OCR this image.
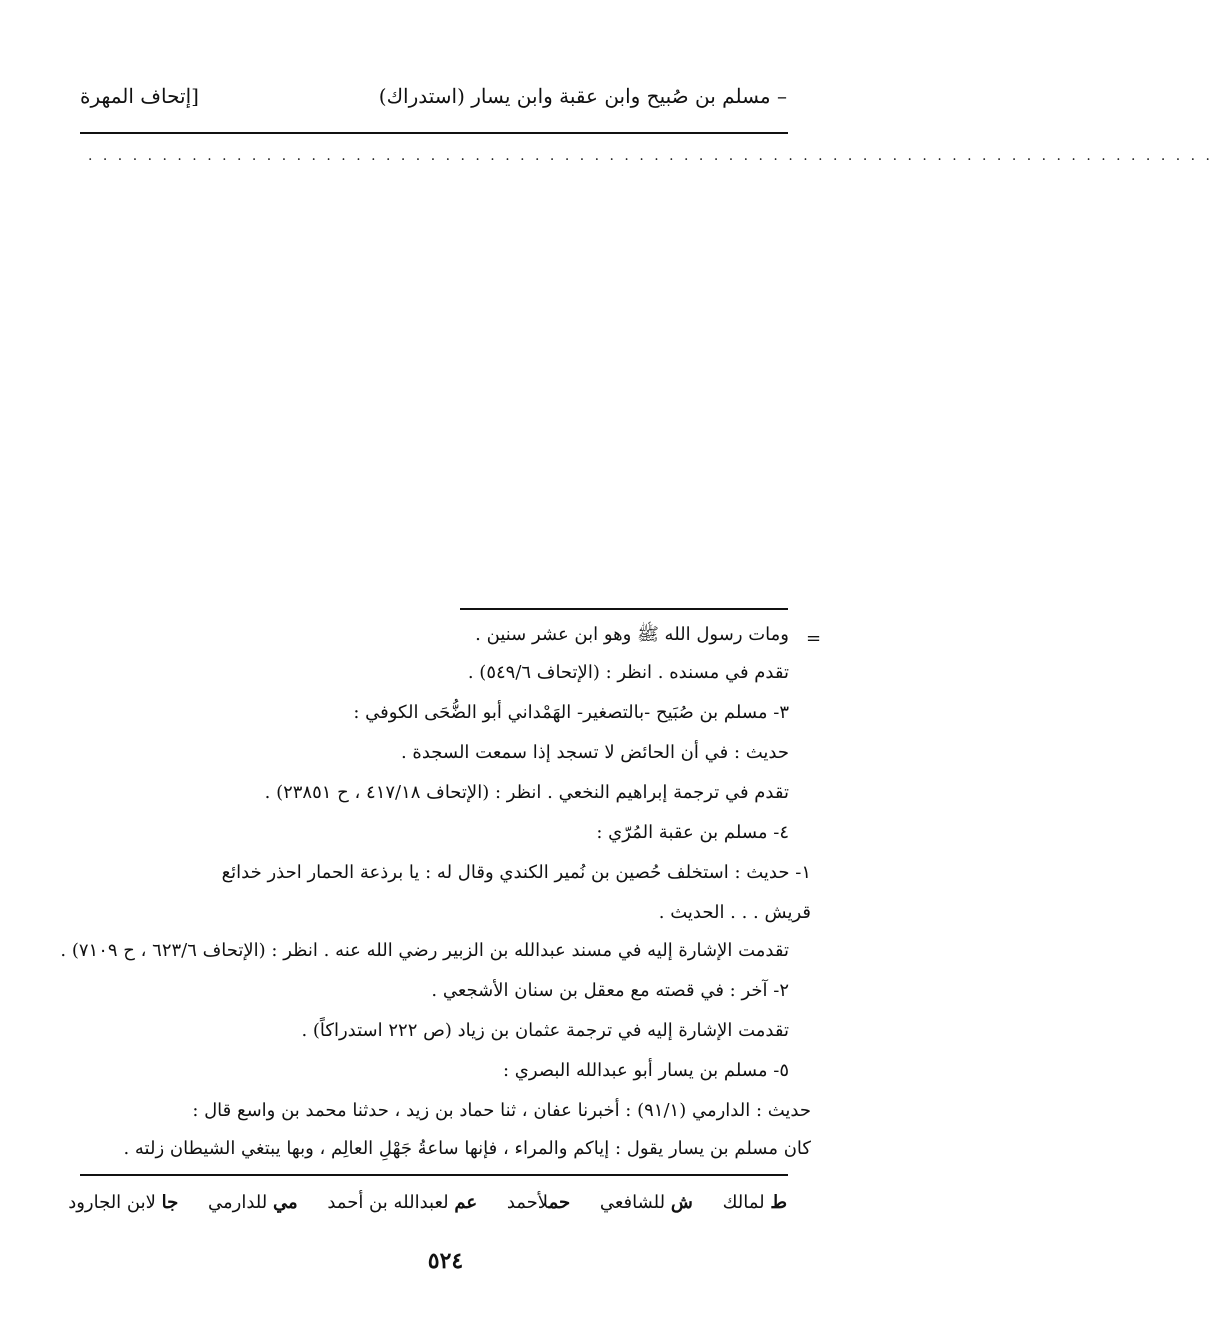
– مسلم بن صُبيح وابن عقبة وابن يسار (استدراك)
[إتحاف المهرة
· · · · · · · · · · · · · · · · · · · · · · · · · · · · · · · · · · · · · · · · · · · · · · · · · · · · · · · · · · · · · · · · · · · · · · · · · · · ·
=
ومات رسول الله ﷺ وهو ابن عشر سنين .
تقدم في مسنده . انظر : (الإتحاف ٥٤٩/٦) .
٣- مسلم بن صُبَيح -بالتصغير- الهَمْداني أبو الضُّحَى الكوفي :
حديث : في أن الحائض لا تسجد إذا سمعت السجدة .
تقدم في ترجمة إبراهيم النخعي . انظر : (الإتحاف ٤١٧/١٨ ، ح ٢٣٨٥١) .
٤- مسلم بن عقبة المُرّي :
١- حديث : استخلف حُصين بن نُمير الكندي وقال له : يا برذعة الحمار احذر خدائع
قريش . . . الحديث .
تقدمت الإشارة إليه في مسند عبدالله بن الزبير رضي الله عنه . انظر : (الإتحاف ٦٢٣/٦ ، ح ٧١٠٩) .
٢- آخر : في قصته مع معقل بن سنان الأشجعي .
تقدمت الإشارة إليه في ترجمة عثمان بن زياد (ص ٢٢٢ استدراكاً) .
٥- مسلم بن يسار أبو عبدالله البصري :
حديث : الدارمي (٩١/١) : أخبرنا عفان ، ثنا حماد بن زيد ، حدثنا محمد بن واسع قال :
كان مسلم بن يسار يقول : إياكم والمراء ، فإنها ساعةُ جَهْلِ العالِم ، وبها يبتغي الشيطان زلته .
ط لمالك ش للشافعي حملأحمد عم لعبدالله بن أحمد مي للدارمي جا لابن الجارود
٥٢٤
